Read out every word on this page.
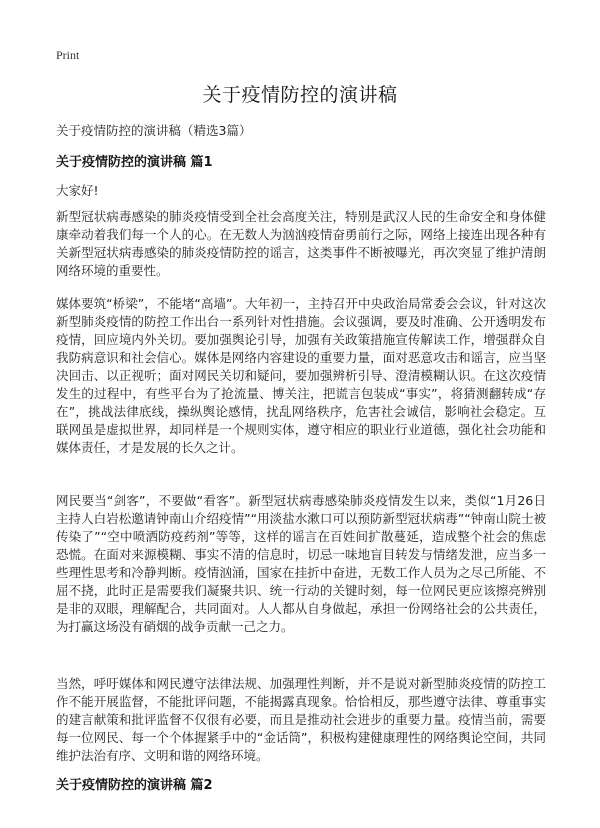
Print
关于疫情防控的演讲稿
关于疫情防控的演讲稿（精选3篇）
关于疫情防控的演讲稿 篇1
大家好!

新型冠状病毒感染的肺炎疫情受到全社会高度关注，特别是武汉人民的生命安全和身体健康牵动着我们每一个人的心。在无数人为汹汹疫情奋勇前行之际，网络上接连出现各种有关新型冠状病毒感染的肺炎疫情防控的谣言，这类事件不断被曝光，再次突显了维护清朗网络环境的重要性。

媒体要筑“桥梁”，不能堵“高墙”。大年初一，主持召开中央政治局常委会会议，针对这次新型肺炎疫情的防控工作出台一系列针对性措施。会议强调，要及时准确、公开透明发布疫情，回应境内外关切。要加强舆论引导，加强有关政策措施宣传解读工作，增强群众自我防病意识和社会信心。媒体是网络内容建设的重要力量，面对恶意攻击和谣言，应当坚决回击、以正视听；面对网民关切和疑问，要加强辨析引导、澄清模糊认识。在这次疫情发生的过程中，有些平台为了抢流量、博关注，把谎言包装成“事实”，将猜测翻转成“存在”，挑战法律底线，操纵舆论感情，扰乱网络秩序，危害社会诚信，影响社会稳定。互联网虽是虚拟世界，却同样是一个规则实体，遵守相应的职业行业道德，强化社会功能和媒体责任，才是发展的长久之计。

网民要当“剑客”，不要做“看客”。新型冠状病毒感染肺炎疫情发生以来，类似“1月26日主持人白岩松邀请钟南山介绍疫情”“用淡盐水漱口可以预防新型冠状病毒”“钟南山院士被传染了”“空中喷洒防疫药剂”等等，这样的谣言在百姓间扩散蔓延，造成整个社会的焦虑恐慌。在面对来源模糊、事实不清的信息时，切忌一味地盲目转发与情绪发泄，应当多一些理性思考和冷静判断。疫情汹涌，国家在挂折中奋进，无数工作人员为之尽己所能、不屈不挠，此时正是需要我们凝聚共识、统一行动的关键时刻，每一位网民更应该擦亮辨别是非的双眼，理解配合，共同面对。人人都从自身做起，承担一份网络社会的公共责任，为打赢这场没有硝烟的战争贡献一己之力。

当然，呼吁媒体和网民遵守法律法规、加强理性判断，并不是说对新型肺炎疫情的防控工作不能开展监督，不能批评问题，不能揭露真现象。恰恰相反，那些遵守法律、尊重事实的建言献策和批评监督不仅很有必要，而且是推动社会进步的重要力量。疫情当前，需要每一位网民、每一个个体握紧手中的“金话筒”，积极构建健康理性的网络舆论空间，共同维护法治有序、文明和谐的网络环境。

关于疫情防控的演讲稿 篇2
